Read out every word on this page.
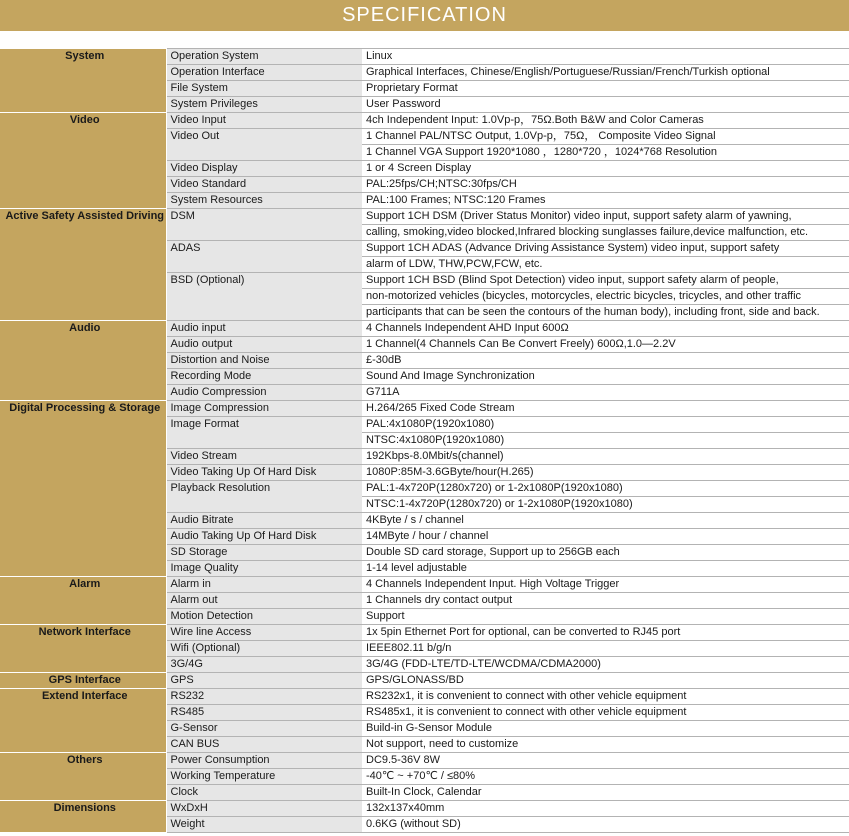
SPECIFICATION
System	Operation System	Linux
	Operation Interface	Graphical Interfaces, Chinese/English/Portuguese/Russian/French/Turkish optional
	File System	Proprietary Format
	System Privileges	User Password
Video	Video Input	4ch Independent Input: 1.0Vp-p，75Ω.Both B&W and Color Cameras
	Video Out	1 Channel PAL/NTSC Output, 1.0Vp-p，75Ω， Composite Video Signal
		1 Channel VGA Support 1920*1080 ，1280*720 ，1024*768 Resolution
	Video Display	1 or 4 Screen Display
	Video Standard	PAL:25fps/CH;NTSC:30fps/CH
	System Resources	PAL:100 Frames; NTSC:120 Frames
Active Safety Assisted Driving	DSM	Support 1CH DSM (Driver Status Monitor) video input, support safety alarm of yawning,
		calling, smoking,video blocked,Infrared blocking sunglasses failure,device malfunction, etc.
	ADAS	Support 1CH ADAS (Advance Driving Assistance System) video input, support safety
		alarm of LDW, THW,PCW,FCW, etc.
	BSD (Optional)	Support 1CH BSD (Blind Spot Detection) video input, support safety alarm of people,
		non-motorized vehicles (bicycles, motorcycles, electric bicycles, tricycles, and other traffic
		participants that can be seen the contours of the human body), including front, side and back.
Audio	Audio input	4 Channels Independent AHD Input 600Ω
	Audio output	1 Channel(4 Channels Can Be Convert Freely) 600Ω,1.0—2.2V
	Distortion and Noise	£-30dB
	Recording Mode	Sound And Image Synchronization
	Audio Compression	G711A
Digital Processing & Storage	Image Compression	H.264/265 Fixed Code Stream
	Image Format	PAL:4x1080P(1920x1080)
		NTSC:4x1080P(1920x1080)
	Video Stream	192Kbps-8.0Mbit/s(channel)
	Video Taking Up Of Hard Disk	1080P:85M-3.6GByte/hour(H.265)
	Playback Resolution	PAL:1-4x720P(1280x720) or 1-2x1080P(1920x1080)
		NTSC:1-4x720P(1280x720) or 1-2x1080P(1920x1080)
	Audio Bitrate	4KByte / s / channel
	Audio Taking Up Of Hard Disk	14MByte / hour / channel
	SD Storage	Double SD card storage, Support up to 256GB each
	Image Quality	1-14 level adjustable
Alarm	Alarm in	4 Channels Independent Input. High Voltage Trigger
	Alarm out	1 Channels dry contact output
	Motion Detection	Support
Network Interface	Wire line Access	1x 5pin Ethernet Port for optional, can be converted to RJ45 port
	Wifi (Optional)	IEEE802.11 b/g/n
	3G/4G	3G/4G (FDD-LTE/TD-LTE/WCDMA/CDMA2000)
GPS Interface	GPS	GPS/GLONASS/BD
Extend Interface	RS232	RS232x1, it is convenient to connect with other vehicle equipment
	RS485	RS485x1, it is convenient to connect with other vehicle equipment
	G-Sensor	Build-in G-Sensor Module
	CAN BUS	Not support, need to customize
Others	Power Consumption	DC9.5-36V 8W
	Working Temperature	-40℃ ~ +70℃ / ≤80%
	Clock	Built-In Clock, Calendar
Dimensions	WxDxH	132x137x40mm
	Weight	0.6KG (without SD)
